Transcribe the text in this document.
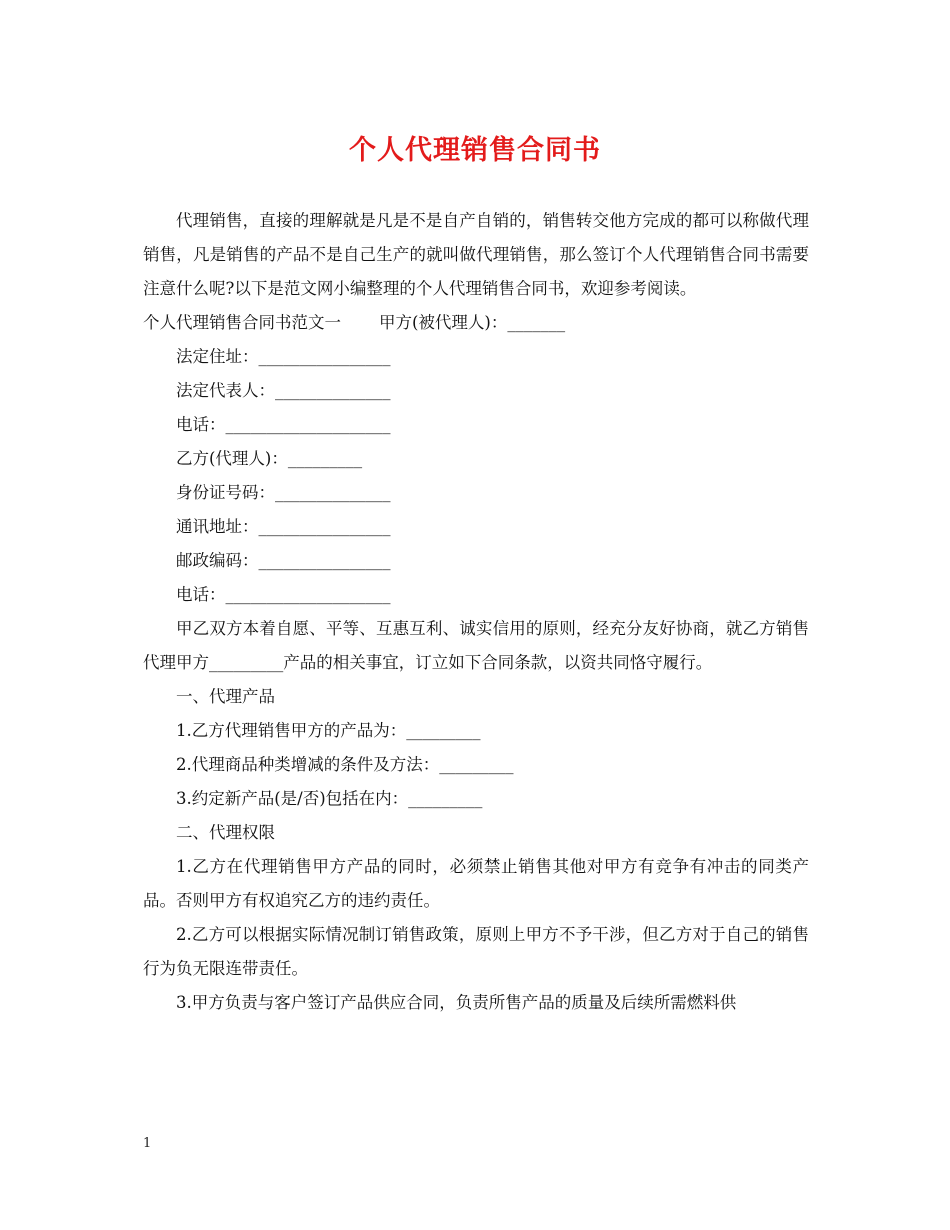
个人代理销售合同书

代理销售，直接的理解就是凡是不是自产自销的，销售转交他方完成的都可以称做代理销售，凡是销售的产品不是自己生产的就叫做代理销售，那么签订个人代理销售合同书需要注意什么呢?以下是范文网小编整理的个人代理销售合同书，欢迎参考阅读。

个人代理销售合同书范文一 甲方(被代理人)：_______

法定住址：________________

法定代表人：______________

电话：____________________

乙方(代理人)：_________

身份证号码：______________

通讯地址：________________

邮政编码：________________

电话：____________________

甲乙双方本着自愿、平等、互惠互利、诚实信用的原则，经充分友好协商，就乙方销售代理甲方_________产品的相关事宜，订立如下合同条款，以资共同恪守履行。

一、代理产品

1.乙方代理销售甲方的产品为：_________

2.代理商品种类增减的条件及方法：_________

3.约定新产品(是/否)包括在内：_________

二、代理权限

1.乙方在代理销售甲方产品的同时，必须禁止销售其他对甲方有竞争有冲击的同类产品。否则甲方有权追究乙方的违约责任。

2.乙方可以根据实际情况制订销售政策，原则上甲方不予干涉，但乙方对于自己的销售行为负无限连带责任。

3.甲方负责与客户签订产品供应合同，负责所售产品的质量及后续所需燃料供

1
